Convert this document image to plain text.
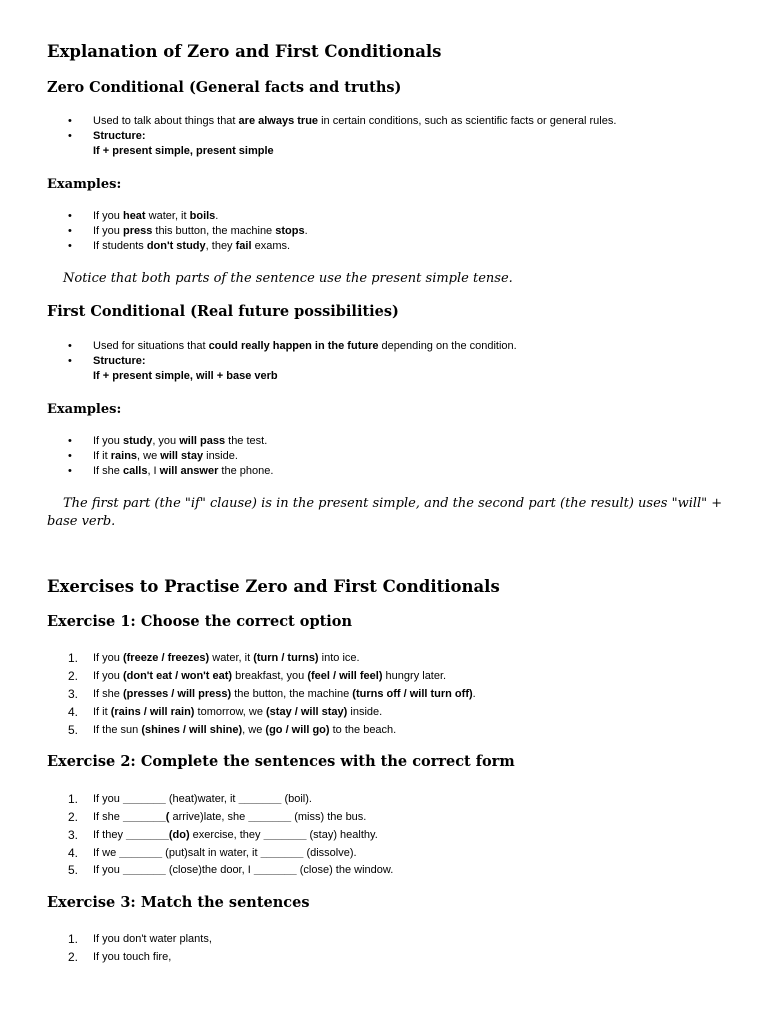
Explanation of Zero and First Conditionals
Zero Conditional (General facts and truths)
• Used to talk about things that are always true in certain conditions, such as scientific facts or general rules.
• Structure:
If + present simple, present simple
Examples:
• If you heat water, it boils.
• If you press this button, the machine stops.
• If students don't study, they fail exams.
Notice that both parts of the sentence use the present simple tense.
First Conditional (Real future possibilities)
• Used for situations that could really happen in the future depending on the condition.
• Structure:
If + present simple, will + base verb
Examples:
• If you study, you will pass the test.
• If it rains, we will stay inside.
• If she calls, I will answer the phone.
The first part (the "if" clause) is in the present simple, and the second part (the result) uses "will" + base verb.
Exercises to Practise Zero and First Conditionals
Exercise 1: Choose the correct option
1. If you (freeze / freezes) water, it (turn / turns) into ice.
2. If you (don't eat / won't eat) breakfast, you (feel / will feel) hungry later.
3. If she (presses / will press) the button, the machine (turns off / will turn off).
4. If it (rains / will rain) tomorrow, we (stay / will stay) inside.
5. If the sun (shines / will shine), we (go / will go) to the beach.
Exercise 2: Complete the sentences with the correct form
1. If you _______ (heat)water, it _______ (boil).
2. If she _______( arrive)late, she _______ (miss) the bus.
3. If they _______(do) exercise, they _______ (stay) healthy.
4. If we _______ (put)salt in water, it _______ (dissolve).
5. If you _______ (close)the door, I _______ (close) the window.
Exercise 3: Match the sentences
1. If you don't water plants,
2. If you touch fire,
